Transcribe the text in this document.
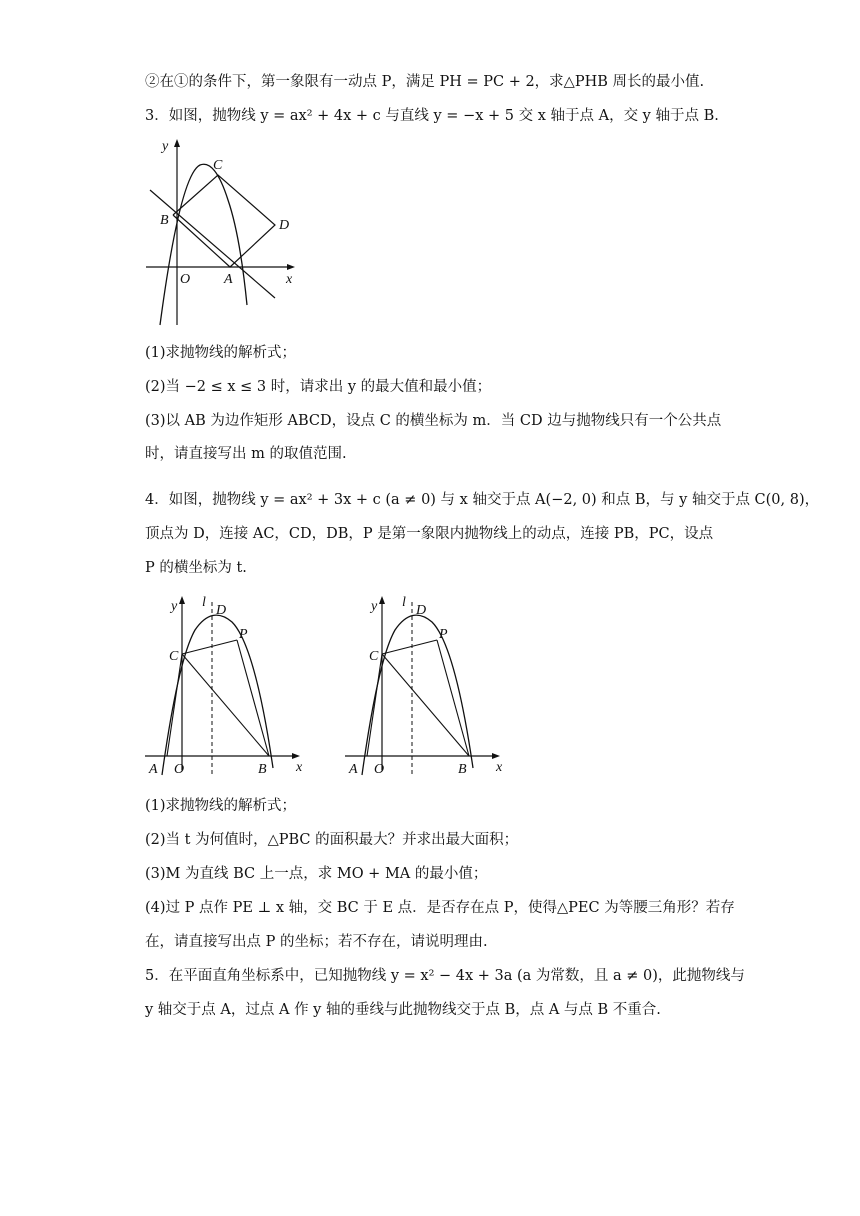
②在①的条件下，第一象限有一动点 P，满足 PH = PC + 2，求△PHB 周长的最小值.
3．如图，抛物线 y = ax² + 4x + c 与直线 y = −x + 5 交 x 轴于点 A，交 y 轴于点 B.
y
x
O A
B
C
D
(1)求抛物线的解析式；
(2)当 −2 ≤ x ≤ 3 时，请求出 y 的最大值和最小值；
(3)以 AB 为边作矩形 ABCD，设点 C 的横坐标为 m．当 CD 边与抛物线只有一个公共点
时，请直接写出 m 的取值范围.
4．如图，抛物线 y = ax² + 3x + c (a ≠ 0) 与 x 轴交于点 A(−2, 0) 和点 B，与 y 轴交于点 C(0, 8)，
顶点为 D，连接 AC，CD，DB，P 是第一象限内抛物线上的动点，连接 PB，PC，设点
P 的横坐标为 t.
y l
D
P
C
A O	B x
y l
D
P
C
A O	B x
(1)求抛物线的解析式；
(2)当 t 为何值时，△PBC 的面积最大？并求出最大面积；
(3)M 为直线 BC 上一点，求 MO + MA 的最小值；
(4)过 P 点作 PE ⊥ x 轴，交 BC 于 E 点．是否存在点 P，使得△PEC 为等腰三角形？若存
在，请直接写出点 P 的坐标；若不存在，请说明理由.
5．在平面直角坐标系中，已知抛物线 y = x² − 4x + 3a (a 为常数，且 a ≠ 0)，此抛物线与
y 轴交于点 A，过点 A 作 y 轴的垂线与此抛物线交于点 B，点 A 与点 B 不重合.
